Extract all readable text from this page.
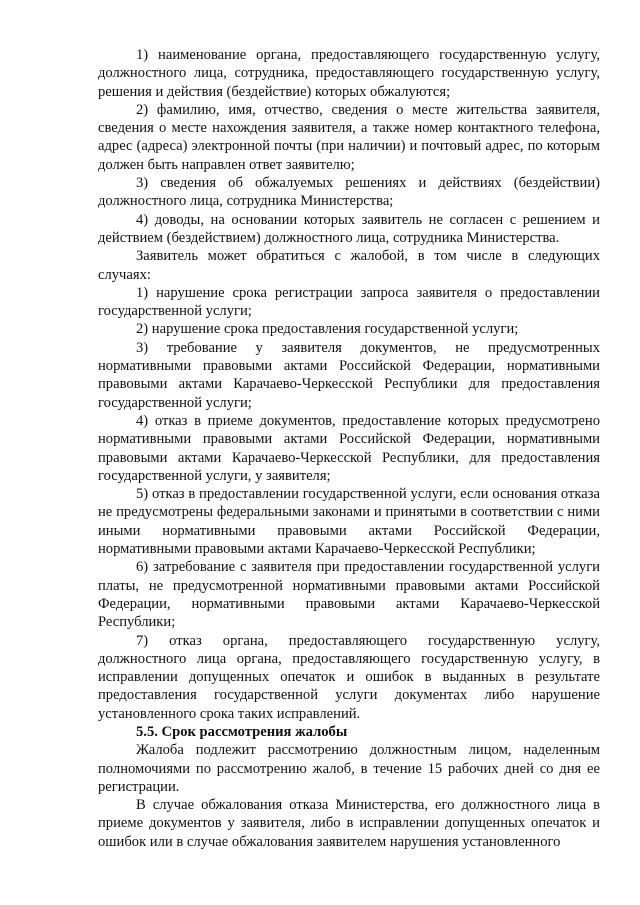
1) наименование органа, предоставляющего государственную услугу, должностного лица, сотрудника, предоставляющего государственную услугу, решения и действия (бездействие) которых обжалуются;

2) фамилию, имя, отчество, сведения о месте жительства заявителя, сведения о месте нахождения заявителя, а также номер контактного телефона, адрес (адреса) электронной почты (при наличии) и почтовый адрес, по которым должен быть направлен ответ заявителю;

3) сведения об обжалуемых решениях и действиях (бездействии) должностного лица, сотрудника Министерства;

4) доводы, на основании которых заявитель не согласен с решением и действием (бездействием) должностного лица, сотрудника Министерства.

Заявитель может обратиться с жалобой, в том числе в следующих случаях:

1) нарушение срока регистрации запроса заявителя о предоставлении государственной услуги;

2) нарушение срока предоставления государственной услуги;

3) требование у заявителя документов, не предусмотренных нормативными правовыми актами Российской Федерации, нормативными правовыми актами Карачаево-Черкесской Республики для предоставления государственной услуги;

4) отказ в приеме документов, предоставление которых предусмотрено нормативными правовыми актами Российской Федерации, нормативными правовыми актами Карачаево-Черкесской Республики, для предоставления государственной услуги, у заявителя;

5) отказ в предоставлении государственной услуги, если основания отказа не предусмотрены федеральными законами и принятыми в соответствии с ними иными нормативными правовыми актами Российской Федерации, нормативными правовыми актами Карачаево-Черкесской Республики;

6) затребование с заявителя при предоставлении государственной услуги платы, не предусмотренной нормативными правовыми актами Российской Федерации, нормативными правовыми актами Карачаево-Черкесской Республики;

7) отказ органа, предоставляющего государственную услугу, должностного лица органа, предоставляющего государственную услугу, в исправлении допущенных опечаток и ошибок в выданных в результате предоставления государственной услуги документах либо нарушение установленного срока таких исправлений.

5.5. Срок рассмотрения жалобы

Жалоба подлежит рассмотрению должностным лицом, наделенным полномочиями по рассмотрению жалоб, в течение 15 рабочих дней со дня ее регистрации.

В случае обжалования отказа Министерства, его должностного лица в приеме документов у заявителя, либо в исправлении допущенных опечаток и ошибок или в случае обжалования заявителем нарушения установленного
